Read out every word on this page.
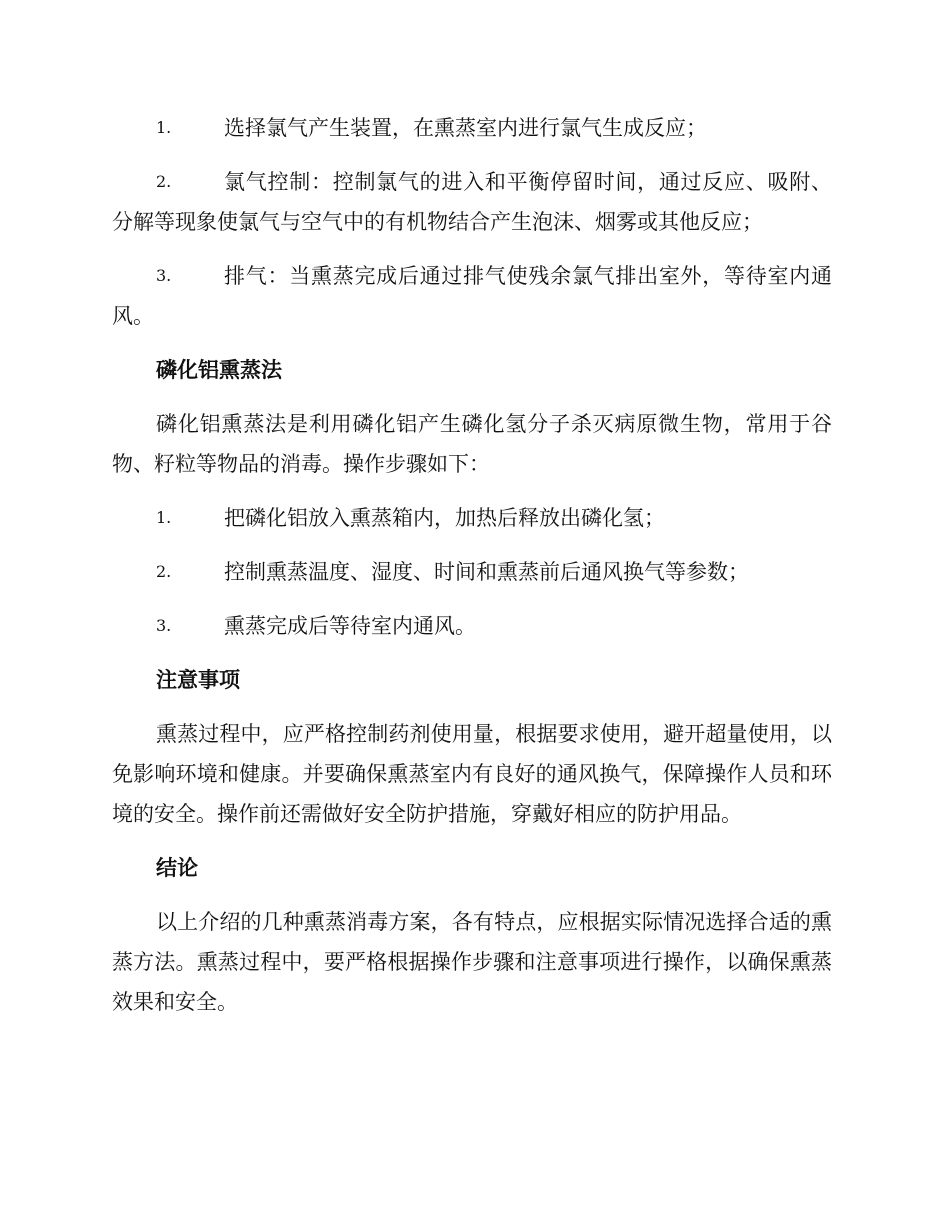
1.	选择氯气产生装置，在熏蒸室内进行氯气生成反应；

2.	氯气控制：控制氯气的进入和平衡停留时间，通过反应、吸附、分解等现象使氯气与空气中的有机物结合产生泡沫、烟雾或其他反应；

3.	排气：当熏蒸完成后通过排气使残余氯气排出室外，等待室内通风。

磷化铝熏蒸法

磷化铝熏蒸法是利用磷化铝产生磷化氢分子杀灭病原微生物，常用于谷物、籽粒等物品的消毒。操作步骤如下：

1.	把磷化铝放入熏蒸箱内，加热后释放出磷化氢；

2.	控制熏蒸温度、湿度、时间和熏蒸前后通风换气等参数；

3.	熏蒸完成后等待室内通风。

注意事项

熏蒸过程中，应严格控制药剂使用量，根据要求使用，避开超量使用，以免影响环境和健康。并要确保熏蒸室内有良好的通风换气，保障操作人员和环境的安全。操作前还需做好安全防护措施，穿戴好相应的防护用品。

结论

以上介绍的几种熏蒸消毒方案，各有特点，应根据实际情况选择合适的熏蒸方法。熏蒸过程中，要严格根据操作步骤和注意事项进行操作，以确保熏蒸效果和安全。
